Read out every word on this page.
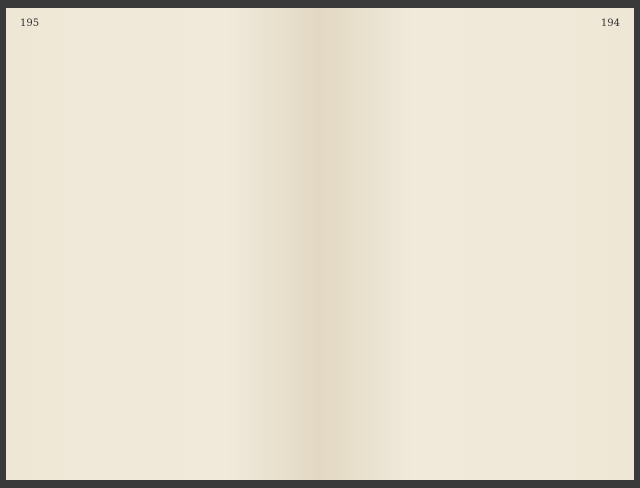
195	194
